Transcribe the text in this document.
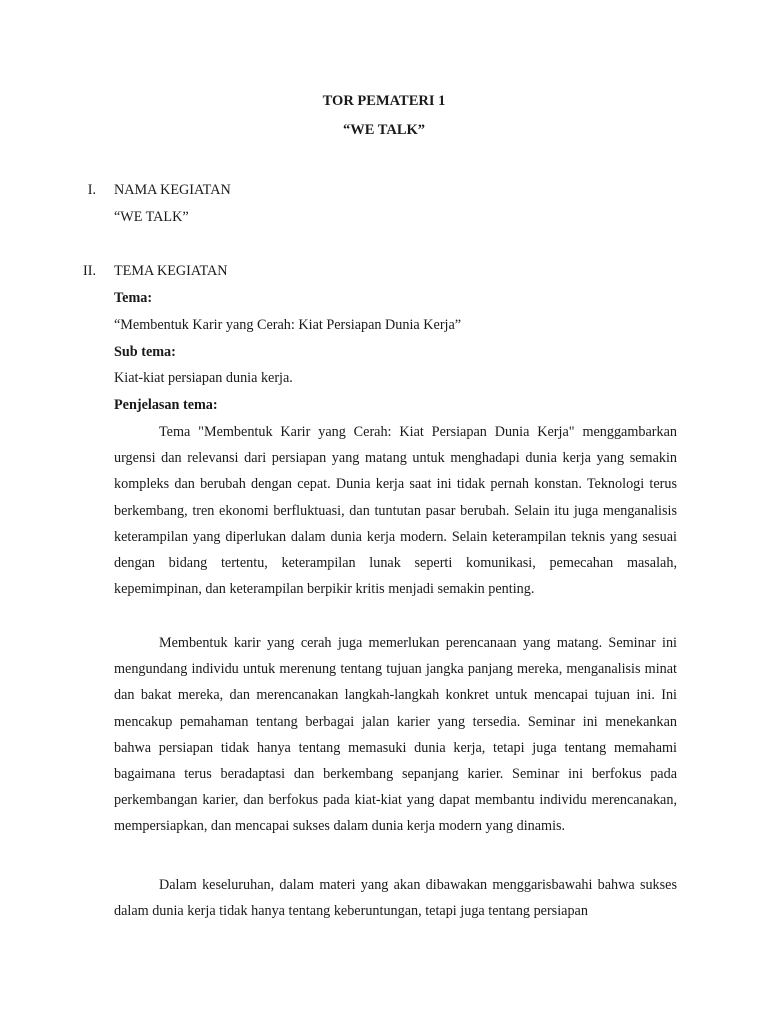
TOR PEMATERI 1
“WE TALK”
I. NAMA KEGIATAN
“WE TALK”
II. TEMA KEGIATAN
Tema:
“Membentuk Karir yang Cerah: Kiat Persiapan Dunia Kerja”
Sub tema:
Kiat-kiat persiapan dunia kerja.
Penjelasan tema:

Tema "Membentuk Karir yang Cerah: Kiat Persiapan Dunia Kerja" menggambarkan urgensi dan relevansi dari persiapan yang matang untuk menghadapi dunia kerja yang semakin kompleks dan berubah dengan cepat. Dunia kerja saat ini tidak pernah konstan. Teknologi terus berkembang, tren ekonomi berfluktuasi, dan tuntutan pasar berubah. Selain itu juga menganalisis keterampilan yang diperlukan dalam dunia kerja modern. Selain keterampilan teknis yang sesuai dengan bidang tertentu, keterampilan lunak seperti komunikasi, pemecahan masalah, kepemimpinan, dan keterampilan berpikir kritis menjadi semakin penting.

Membentuk karir yang cerah juga memerlukan perencanaan yang matang. Seminar ini mengundang individu untuk merenung tentang tujuan jangka panjang mereka, menganalisis minat dan bakat mereka, dan merencanakan langkah-langkah konkret untuk mencapai tujuan ini. Ini mencakup pemahaman tentang berbagai jalan karier yang tersedia. Seminar ini menekankan bahwa persiapan tidak hanya tentang memasuki dunia kerja, tetapi juga tentang memahami bagaimana terus beradaptasi dan berkembang sepanjang karier. Seminar ini berfokus pada perkembangan karier, dan berfokus pada kiat-kiat yang dapat membantu individu merencanakan, mempersiapkan, dan mencapai sukses dalam dunia kerja modern yang dinamis.

Dalam keseluruhan, dalam materi yang akan dibawakan menggarisbawahi bahwa sukses dalam dunia kerja tidak hanya tentang keberuntungan, tetapi juga tentang persiapan
